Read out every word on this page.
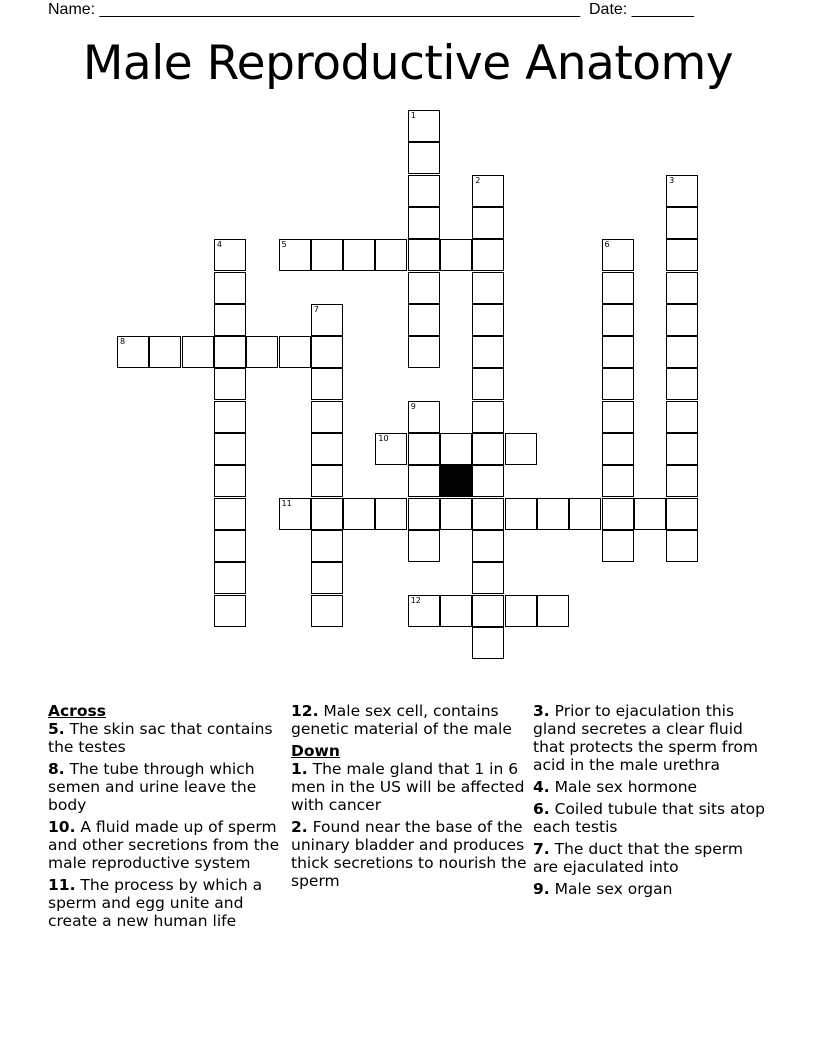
Name: ______________________________________________________ Date: _______
Male Reproductive Anatomy
1
2	3
4	5	6
7
8
9
10
11
12
Across
5. The skin sac that contains the testes
8. The tube through which semen and urine leave the body
10. A fluid made up of sperm and other secretions from the male reproductive system
11. The process by which a sperm and egg unite and create a new human life
12. Male sex cell, contains genetic material of the male
Down
1. The male gland that 1 in 6 men in the US will be affected with cancer
2. Found near the base of the uninary bladder and produces thick secretions to nourish the sperm
3. Prior to ejaculation this gland secretes a clear fluid that protects the sperm from acid in the male urethra
4. Male sex hormone
6. Coiled tubule that sits atop each testis
7. The duct that the sperm are ejaculated into
9. Male sex organ
